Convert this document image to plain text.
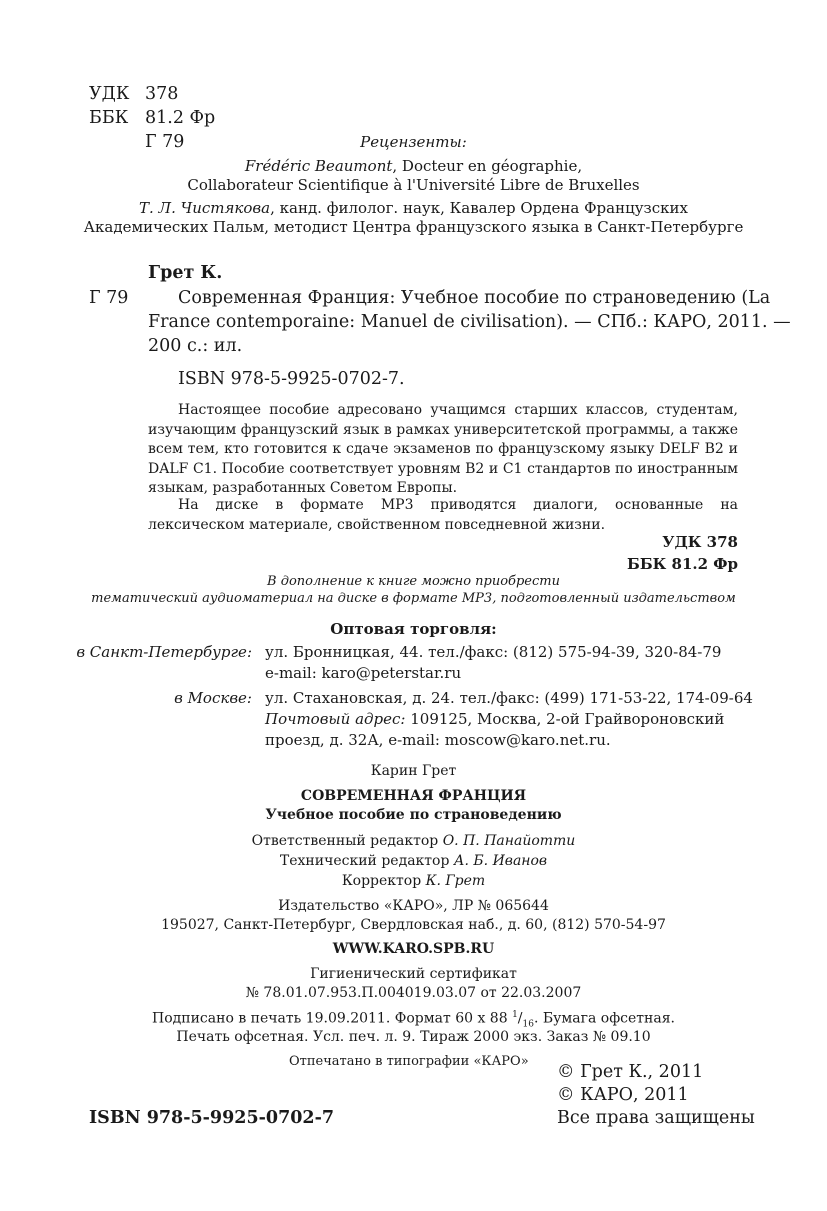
УДК 378
ББК 81.2 Фр
Г 79	Рецензенты:
Frédéric Beaumont, Docteur en géographie,
Collaborateur Scientifique à l'Université Libre de Bruxelles
Т. Л. Чистякова, канд. филолог. наук, Кавалер Ордена Французских
Академических Пальм, методист Центра французского языка в Санкт-Петербурге
Грет К.
Г 79	Современная Франция: Учебное пособие по страноведению (La
France contemporaine: Manuel de civilisation). — СПб.: КАРО, 2011. —
200 с.: ил.
ISBN 978-5-9925-0702-7.
Настоящее пособие адресовано учащимся старших классов, студентам, изучающим французский язык в рамках университетской программы, а также всем тем, кто готовится к сдаче экзаменов по французскому языку DELF B2 и DALF C1. Пособие соответствует уровням B2 и C1 стандартов по иностранным языкам, разработанных Советом Европы.
На диске в формате MP3 приводятся диалоги, основанные на лексическом материале, свойственном повседневной жизни.
УДК 378
ББК 81.2 Фр
В дополнение к книге можно приобрести
тематический аудиоматериал на диске в формате MP3, подготовленный издательством
Оптовая торговля:
в Санкт-Петербурге: ул. Бронницкая, 44. тел./факс: (812) 575-94-39, 320-84-79
e-mail: karo@peterstar.ru
в Москве: ул. Стахановская, д. 24. тел./факс: (499) 171-53-22, 174-09-64
Почтовый адрес: 109125, Москва, 2-ой Грайвороновский
проезд, д. 32А, e-mail: moscow@karo.net.ru.
Карин Грет
СОВРЕМЕННАЯ ФРАНЦИЯ
Учебное пособие по страноведению
Ответственный редактор О. П. Панайотти
Технический редактор А. Б. Иванов
Корректор К. Грет
Издательство «КАРО», ЛР № 065644
195027, Санкт-Петербург, Свердловская наб., д. 60, (812) 570-54-97
WWW.KARO.SPB.RU
Гигиенический сертификат
№ 78.01.07.953.П.004019.03.07 от 22.03.2007
Подписано в печать 19.09.2011. Формат 60 x 88 $^1/_{16}$. Бумага офсетная.
Печать офсетная. Усл. печ. л. 9. Тираж 2000 экз. Заказ № 09.10
Отпечатано в типографии «КАРО»
© Грет К., 2011
© КАРО, 2011
Все права защищены
ISBN 978-5-9925-0702-7
